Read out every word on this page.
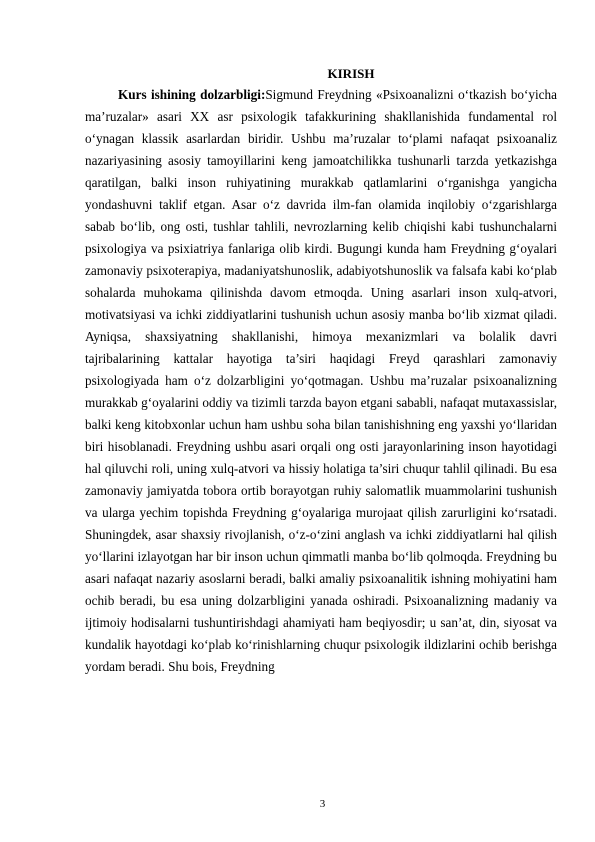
KIRISH

Kurs ishining dolzarbligi:Sigmund Freydning «Psixoanalizni o‘tkazish bo‘yicha ma’ruzalar» asari XX asr psixologik tafakkurining shakllanishida fundamental rol o‘ynagan klassik asarlardan biridir. Ushbu ma’ruzalar to‘plami nafaqat psixoanaliz nazariyasining asosiy tamoyillarini keng jamoatchilikka tushunarli tarzda yetkazishga qaratilgan, balki inson ruhiyatining murakkab qatlamlarini o‘rganishga yangicha yondashuvni taklif etgan. Asar o‘z davrida ilm-fan olamida inqilobiy o‘zgarishlarga sabab bo‘lib, ong osti, tushlar tahlili, nevrozlarning kelib chiqishi kabi tushunchalarni psixologiya va psixiatriya fanlariga olib kirdi. Bugungi kunda ham Freydning g‘oyalari zamonaviy psixoterapiya, madaniyatshunoslik, adabiyotshunoslik va falsafa kabi ko‘plab sohalarda muhokama qilinishda davom etmoqda. Uning asarlari inson xulq-atvori, motivatsiyasi va ichki ziddiyatlarini tushunish uchun asosiy manba bo‘lib xizmat qiladi. Ayniqsa, shaxsiyatning shakllanishi, himoya mexanizmlari va bolalik davri tajribalarining kattalar hayotiga ta’siri haqidagi Freyd qarashlari zamonaviy psixologiyada ham o‘z dolzarbligini yo‘qotmagan. Ushbu ma’ruzalar psixoanalizning murakkab g‘oyalarini oddiy va tizimli tarzda bayon etgani sababli, nafaqat mutaxassislar, balki keng kitobxonlar uchun ham ushbu soha bilan tanishishning eng yaxshi yo‘llaridan biri hisoblanadi. Freydning ushbu asari orqali ong osti jarayonlarining inson hayotidagi hal qiluvchi roli, uning xulq-atvori va hissiy holatiga ta’siri chuqur tahlil qilinadi. Bu esa zamonaviy jamiyatda tobora ortib borayotgan ruhiy salomatlik muammolarini tushunish va ularga yechim topishda Freydning g‘oyalariga murojaat qilish zarurligini ko‘rsatadi. Shuningdek, asar shaxsiy rivojlanish, o‘z-o‘zini anglash va ichki ziddiyatlarni hal qilish yo‘llarini izlayotgan har bir inson uchun qimmatli manba bo‘lib qolmoqda. Freydning bu asari nafaqat nazariy asoslarni beradi, balki amaliy psixoanalitik ishning mohiyatini ham ochib beradi, bu esa uning dolzarbligini yanada oshiradi. Psixoanalizning madaniy va ijtimoiy hodisalarni tushuntirishdagi ahamiyati ham beqiyosdir; u san’at, din, siyosat va kundalik hayotdagi ko‘plab ko‘rinishlarning chuqur psixologik ildizlarini ochib berishga yordam beradi. Shu bois, Freydning

3
